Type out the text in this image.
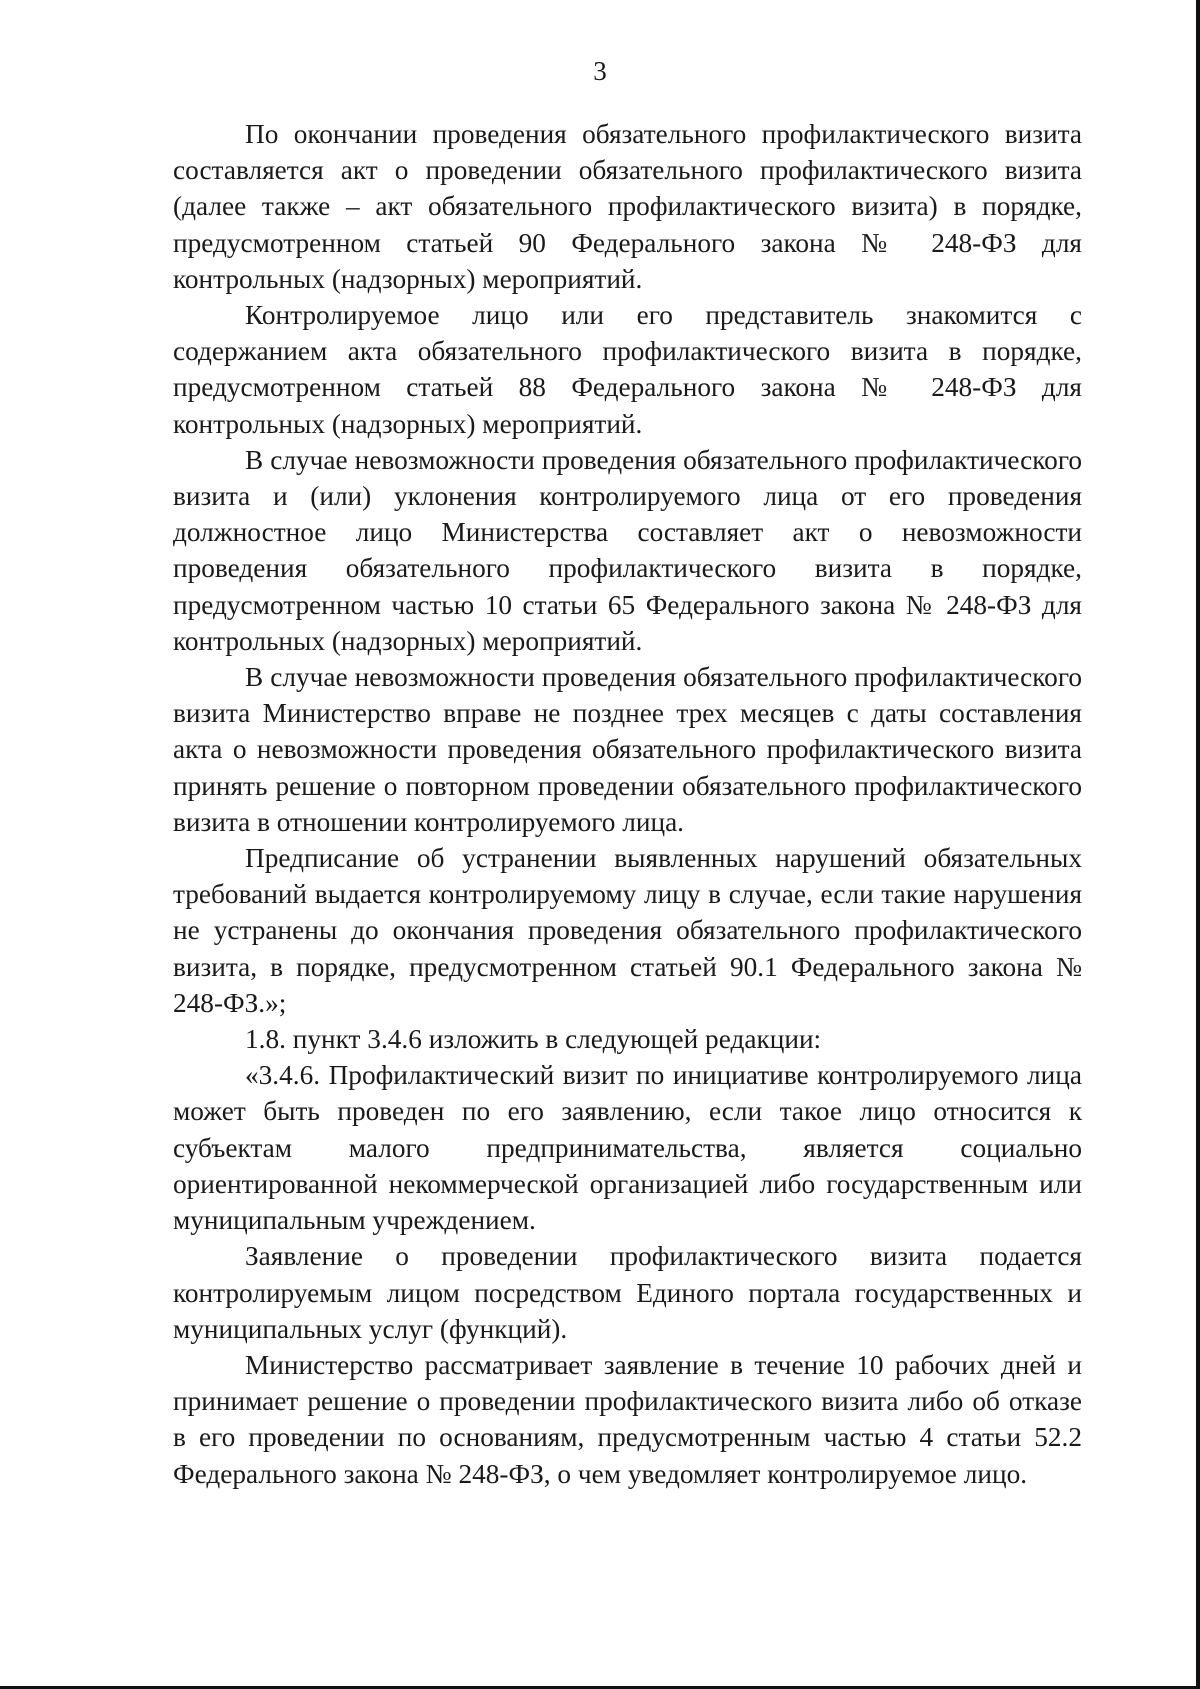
3

По окончании проведения обязательного профилактического визита составляется акт о проведении обязательного профилактического визита (далее также – акт обязательного профилактического визита) в порядке, предусмотренном статьей 90 Федерального закона № 248-ФЗ для контрольных (надзорных) мероприятий.

Контролируемое лицо или его представитель знакомится с содержанием акта обязательного профилактического визита в порядке, предусмотренном статьей 88 Федерального закона № 248-ФЗ для контрольных (надзорных) мероприятий.

В случае невозможности проведения обязательного профилактического визита и (или) уклонения контролируемого лица от его проведения должностное лицо Министерства составляет акт о невозможности проведения обязательного профилактического визита в порядке, предусмотренном частью 10 статьи 65 Федерального закона № 248-ФЗ для контрольных (надзорных) мероприятий.

В случае невозможности проведения обязательного профилактического визита Министерство вправе не позднее трех месяцев с даты составления акта о невозможности проведения обязательного профилактического визита принять решение о повторном проведении обязательного профилактического визита в отношении контролируемого лица.

Предписание об устранении выявленных нарушений обязательных требований выдается контролируемому лицу в случае, если такие нарушения не устранены до окончания проведения обязательного профилактического визита, в порядке, предусмотренном статьей 90.1 Федерального закона № 248-ФЗ.»;

1.8. пункт 3.4.6 изложить в следующей редакции:

«3.4.6. Профилактический визит по инициативе контролируемого лица может быть проведен по его заявлению, если такое лицо относится к субъектам малого предпринимательства, является социально ориентированной некоммерческой организацией либо государственным или муниципальным учреждением.

Заявление о проведении профилактического визита подается контролируемым лицом посредством Единого портала государственных и муниципальных услуг (функций).

Министерство рассматривает заявление в течение 10 рабочих дней и принимает решение о проведении профилактического визита либо об отказе в его проведении по основаниям, предусмотренным частью 4 статьи 52.2 Федерального закона № 248-ФЗ, о чем уведомляет контролируемое лицо.
